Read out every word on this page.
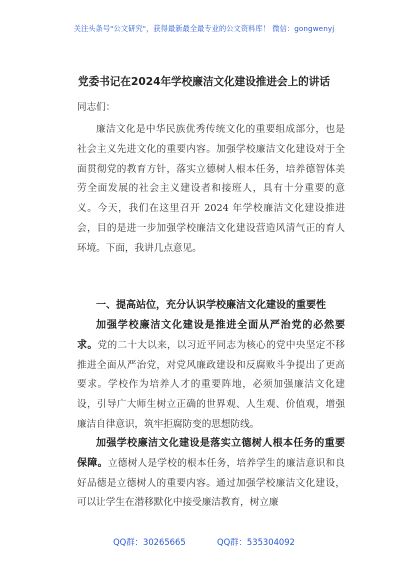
关注头条号"公文研究"，获得最新最全最专业的公文资料库！ 微信：gongwenyj
党委书记在2024年学校廉洁文化建设推进会上的讲话
同志们：

廉洁文化是中华民族优秀传统文化的重要组成部分，也是社会主义先进文化的重要内容。加强学校廉洁文化建设对于全面贯彻党的教育方针，落实立德树人根本任务，培养德智体美劳全面发展的社会主义建设者和接班人，具有十分重要的意义。今天，我们在这里召开 2024 年学校廉洁文化建设推进会，目的是进一步加强学校廉洁文化建设营造风清气正的育人环境。下面，我讲几点意见。

一、提高站位，充分认识学校廉洁文化建设的重要性

加强学校廉洁文化建设是推进全面从严治党的必然要求。党的二十大以来，以习近平同志为核心的党中央坚定不移推进全面从严治党，对党风廉政建设和反腐败斗争提出了更高要求。学校作为培养人才的重要阵地，必须加强廉洁文化建设，引导广大师生树立正确的世界观、人生观、价值观，增强廉洁自律意识，筑牢拒腐防变的思想防线。

加强学校廉洁文化建设是落实立德树人根本任务的重要保障。立德树人是学校的根本任务，培养学生的廉洁意识和良好品德是立德树人的重要内容。通过加强学校廉洁文化建设，可以让学生在潜移默化中接受廉洁教育，树立廉

QQ群：30265665	QQ群：535304092
